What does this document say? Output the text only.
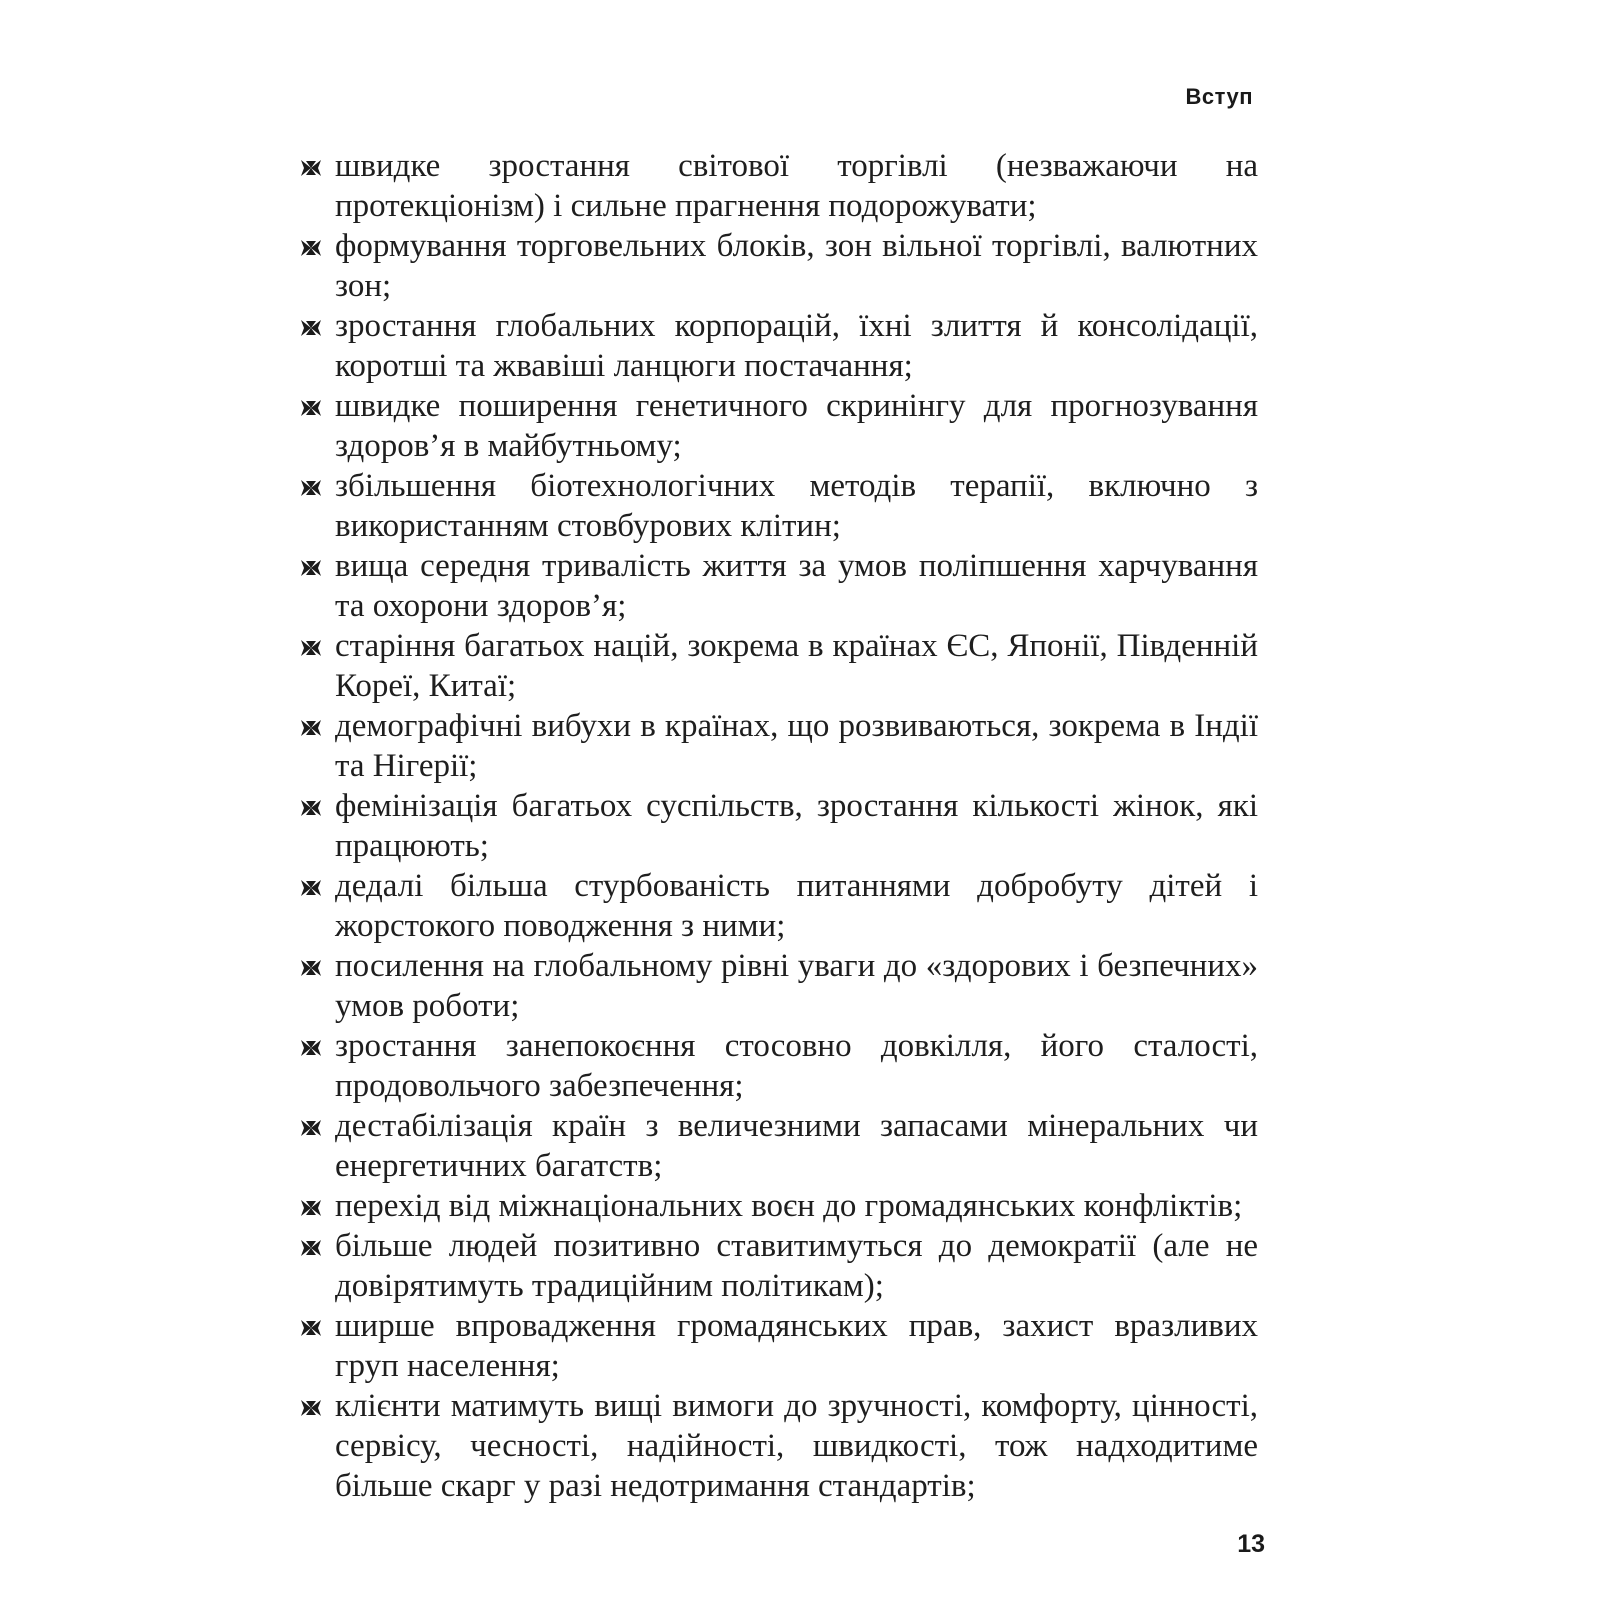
Вступ
швидке зростання світової торгівлі (незважаючи на протекціонізм) і сильне прагнення подорожувати;
формування торговельних блоків, зон вільної торгівлі, валютних зон;
зростання глобальних корпорацій, їхні злиття й консолідації, коротші та жвавіші ланцюги постачання;
швидке поширення генетичного скринінгу для прогнозування здоров’я в майбутньому;
збільшення біотехнологічних методів терапії, включно з використанням стовбурових клітин;
вища середня тривалість життя за умов поліпшення харчування та охорони здоров’я;
старіння багатьох націй, зокрема в країнах ЄС, Японії, Південній Кореї, Китаї;
демографічні вибухи в країнах, що розвиваються, зокрема в Індії та Нігерії;
фемінізація багатьох суспільств, зростання кількості жінок, які працюють;
дедалі більша стурбованість питаннями добробуту дітей і жорстокого поводження з ними;
посилення на глобальному рівні уваги до «здорових і безпечних» умов роботи;
зростання занепокоєння стосовно довкілля, його сталості, продовольчого забезпечення;
дестабілізація країн з величезними запасами мінеральних чи енергетичних багатств;
перехід від міжнаціональних воєн до громадянських конфліктів;
більше людей позитивно ставитимуться до демократії (але не довірятимуть традиційним політикам);
ширше впровадження громадянських прав, захист вразливих груп населення;
клієнти матимуть вищі вимоги до зручності, комфорту, цінності, сервісу, чесності, надійності, швидкості, тож надходитиме більше скарг у разі недотримання стандартів;
13
